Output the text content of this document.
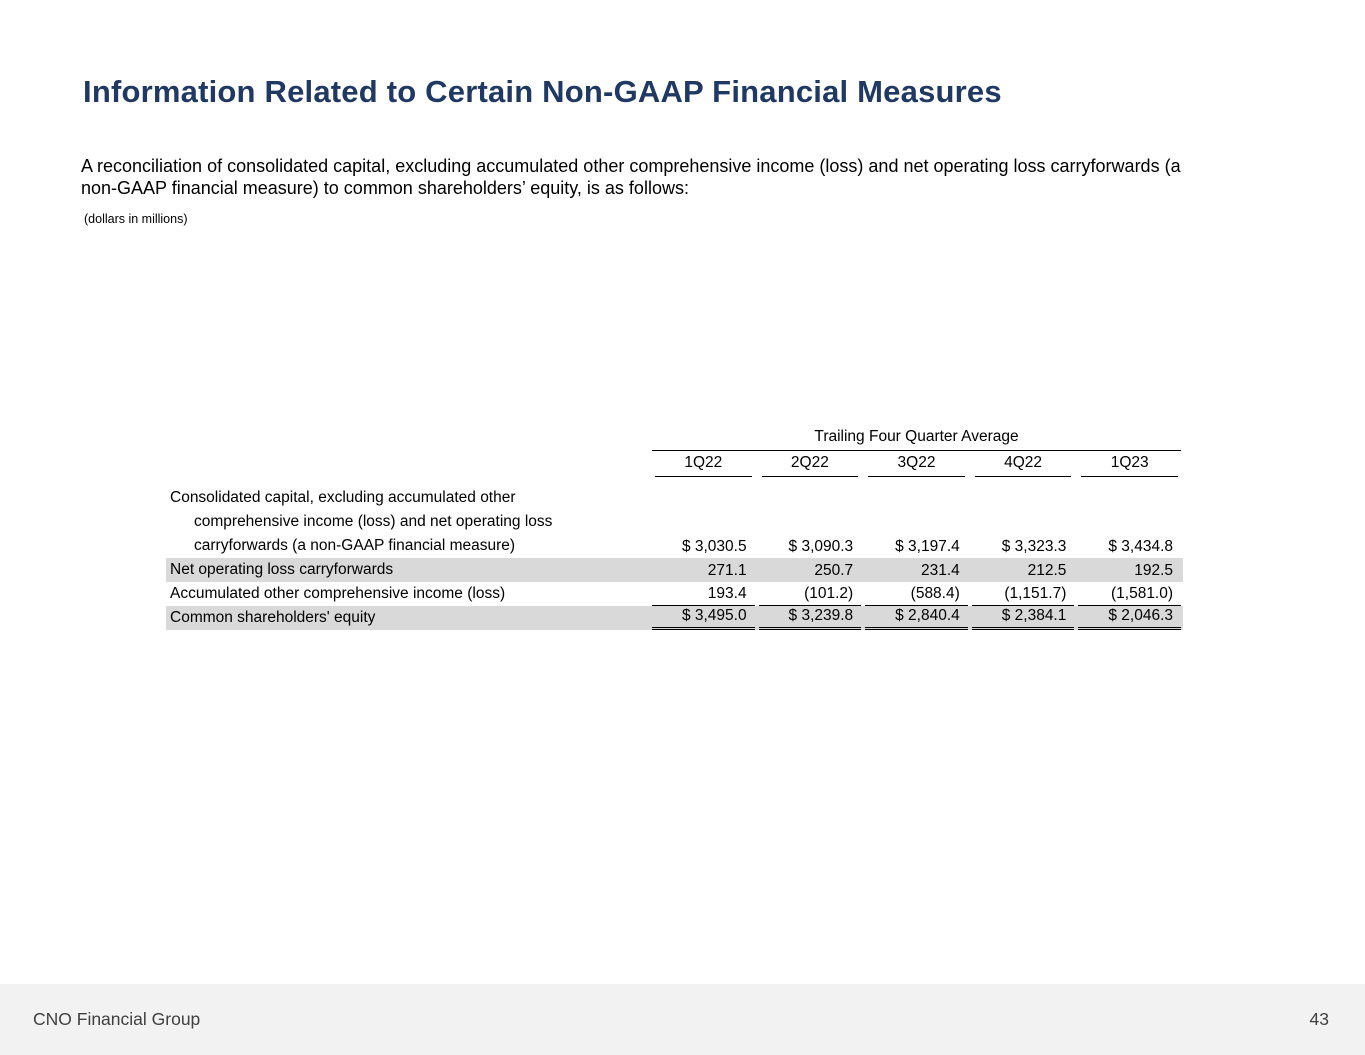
Information Related to Certain Non-GAAP Financial Measures

A reconciliation of consolidated capital, excluding accumulated other comprehensive income (loss) and net operating loss carryforwards (a non-GAAP financial measure) to common shareholders’ equity, is as follows:

(dollars in millions)

	Trailing Four Quarter Average				

	1Q22	2Q22	3Q22	4Q22	1Q23

Consolidated capital, excluding accumulated other
comprehensive income (loss) and net operating loss
carryforwards (a non-GAAP financial measure)	$ 3,030.5	$ 3,090.3	$ 3,197.4	$ 3,323.3	$ 3,434.8

Net operating loss carryforwards	271.1	250.7	231.4	212.5	192.5

Accumulated other comprehensive income (loss)	193.4	(101.2)	(588.4)	(1,151.7)	(1,581.0)

Common shareholders' equity	$ 3,495.0	$ 3,239.8	$ 2,840.4	$ 2,384.1	$ 2,046.3
CNO Financial Group	43
